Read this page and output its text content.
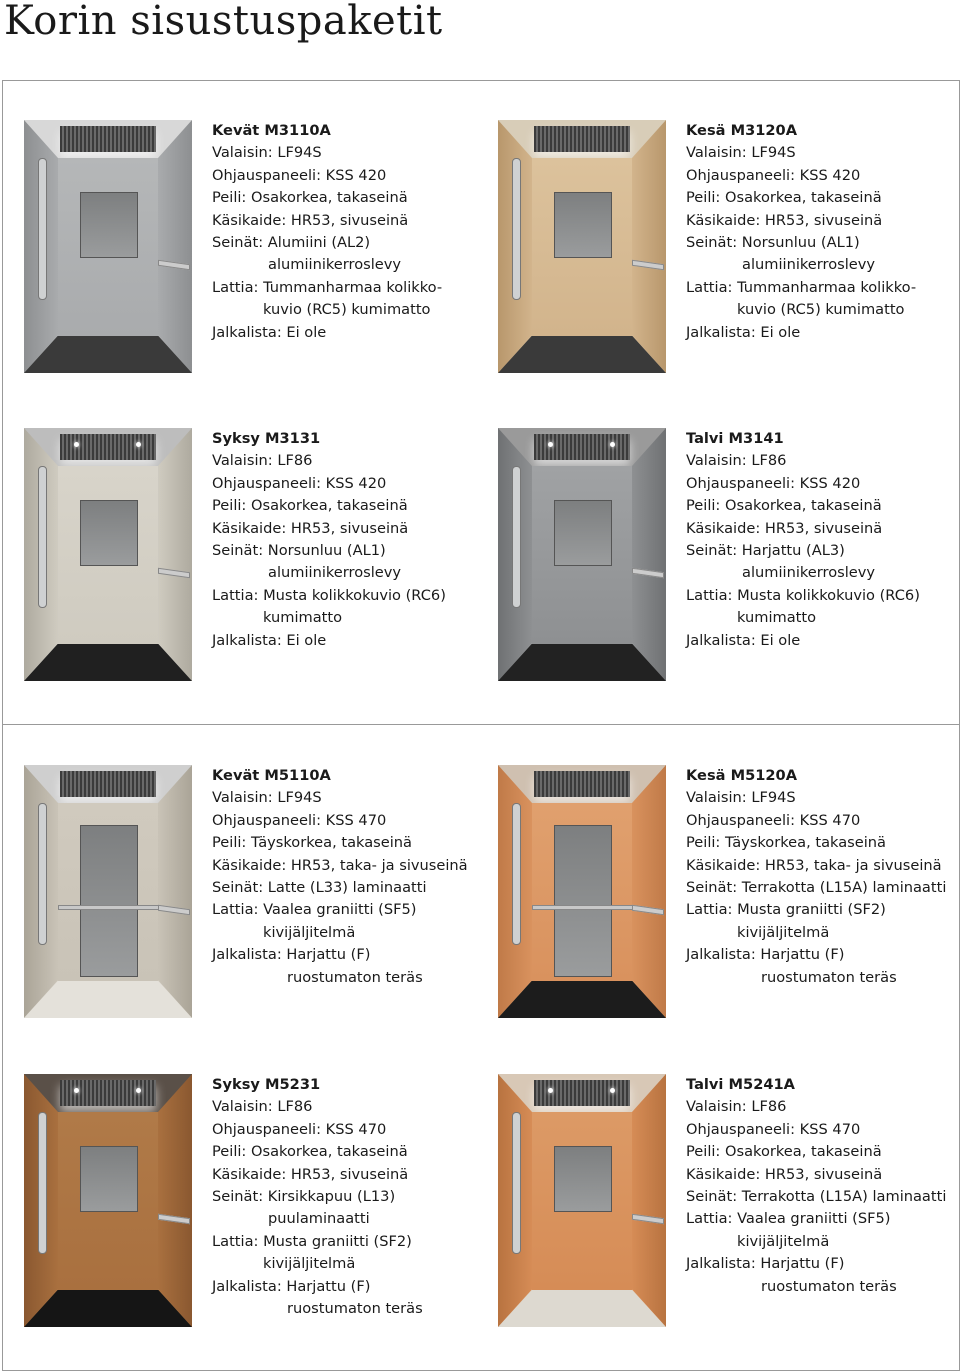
Korin sisustuspaketit
Kevät M3110A
Valaisin: LF94S
Ohjauspaneeli: KSS 420
Peili: Osakorkea, takaseinä
Käsikaide: HR53, sivuseinä
Seinät: Alumiini (AL2)
alumiinikerroslevy
Lattia: Tummanharmaa kolikko-
kuvio (RC5) kumimatto
Jalkalista: Ei ole
Kesä M3120A
Valaisin: LF94S
Ohjauspaneeli: KSS 420
Peili: Osakorkea, takaseinä
Käsikaide: HR53, sivuseinä
Seinät: Norsunluu (AL1)
alumiinikerroslevy
Lattia: Tummanharmaa kolikko-
kuvio (RC5) kumimatto
Jalkalista: Ei ole
Syksy M3131
Valaisin: LF86
Ohjauspaneeli: KSS 420
Peili: Osakorkea, takaseinä
Käsikaide: HR53, sivuseinä
Seinät: Norsunluu (AL1)
alumiinikerroslevy
Lattia: Musta kolikkokuvio (RC6)
kumimatto
Jalkalista: Ei ole
Talvi M3141
Valaisin: LF86
Ohjauspaneeli: KSS 420
Peili: Osakorkea, takaseinä
Käsikaide: HR53, sivuseinä
Seinät: Harjattu (AL3)
alumiinikerroslevy
Lattia: Musta kolikkokuvio (RC6)
kumimatto
Jalkalista: Ei ole
Kevät M5110A
Valaisin: LF94S
Ohjauspaneeli: KSS 470
Peili: Täyskorkea, takaseinä
Käsikaide: HR53, taka- ja sivuseinä
Seinät: Latte (L33) laminaatti
Lattia: Vaalea graniitti (SF5)
kivijäljitelmä
Jalkalista: Harjattu (F)
ruostumaton teräs
Kesä M5120A
Valaisin: LF94S
Ohjauspaneeli: KSS 470
Peili: Täyskorkea, takaseinä
Käsikaide: HR53, taka- ja sivuseinä
Seinät: Terrakotta (L15A) laminaatti
Lattia: Musta graniitti (SF2)
kivijäljitelmä
Jalkalista: Harjattu (F)
ruostumaton teräs
Syksy M5231
Valaisin: LF86
Ohjauspaneeli: KSS 470
Peili: Osakorkea, takaseinä
Käsikaide: HR53, sivuseinä
Seinät: Kirsikkapuu (L13)
puulaminaatti
Lattia: Musta graniitti (SF2)
kivijäljitelmä
Jalkalista: Harjattu (F)
ruostumaton teräs
Talvi M5241A
Valaisin: LF86
Ohjauspaneeli: KSS 470
Peili: Osakorkea, takaseinä
Käsikaide: HR53, sivuseinä
Seinät: Terrakotta (L15A) laminaatti
Lattia: Vaalea graniitti (SF5)
kivijäljitelmä
Jalkalista: Harjattu (F)
ruostumaton teräs
